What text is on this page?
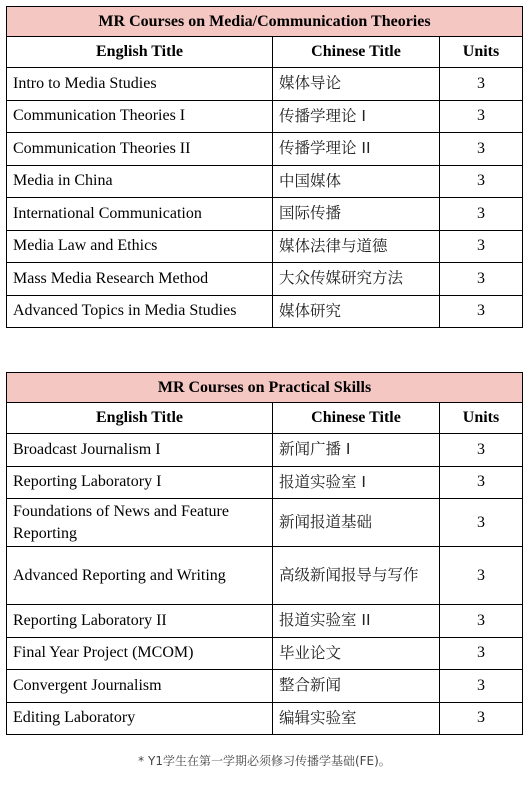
MR Courses on Media/Communication Theories		
English Title	Chinese Title	Units
Intro to Media Studies	媒体导论	3
Communication Theories I	传播学理论 I	3
Communication Theories II	传播学理论 II	3
Media in China	中国媒体	3
International Communication	国际传播	3
Media Law and Ethics	媒体法律与道德	3
Mass Media Research Method	大众传媒研究方法	3
Advanced Topics in Media Studies	媒体研究	3
MR Courses on Practical Skills		
English Title	Chinese Title	Units
Broadcast Journalism I	新闻广播 I	3
Reporting Laboratory I	报道实验室 I	3
Foundations of News and Feature Reporting	新闻报道基础	3
Advanced Reporting and Writing	高级新闻报导与写作	3
Reporting Laboratory II	报道实验室 II	3
Final Year Project (MCOM)	毕业论文	3
Convergent Journalism	整合新闻	3
Editing Laboratory	编辑实验室	3
* Y1学生在第一学期必须修习传播学基础(FE)。
